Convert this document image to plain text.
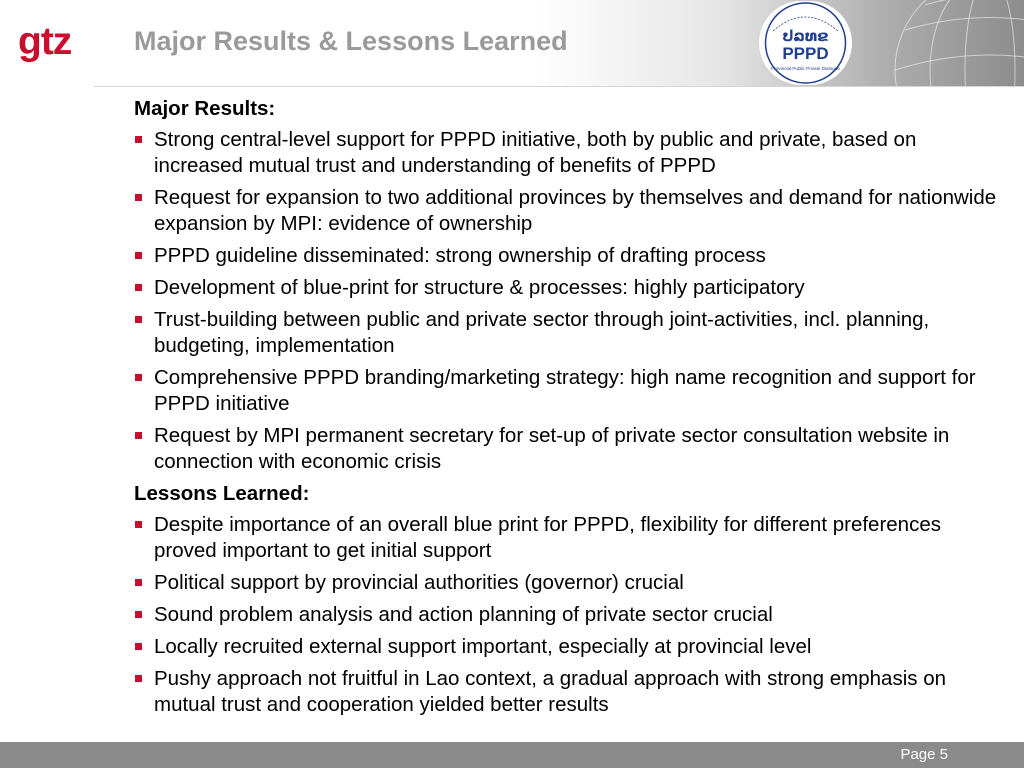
gtz Major Results & Lessons Learned	ປລທຂ
PPPD
Provincial Public Private Dialogue
Major Results:
Strong central-level support for PPPD initiative, both by public and private, based on increased mutual trust and understanding of benefits of PPPD
Request for expansion to two additional provinces by themselves and demand for nationwide expansion by MPI: evidence of ownership
PPPD guideline disseminated: strong ownership of drafting process
Development of blue-print for structure & processes: highly participatory
Trust-building between public and private sector through joint-activities, incl. planning, budgeting, implementation
Comprehensive PPPD branding/marketing strategy: high name recognition and support for PPPD initiative
Request by MPI permanent secretary for set-up of private sector consultation website in connection with economic crisis
Lessons Learned:
Despite importance of an overall blue print for PPPD, flexibility for different preferences proved important to get initial support
Political support by provincial authorities (governor) crucial
Sound problem analysis and action planning of private sector crucial
Locally recruited external support important, especially at provincial level
Pushy approach not fruitful in Lao context, a gradual approach with strong emphasis on mutual trust and cooperation yielded better results
Page 5
